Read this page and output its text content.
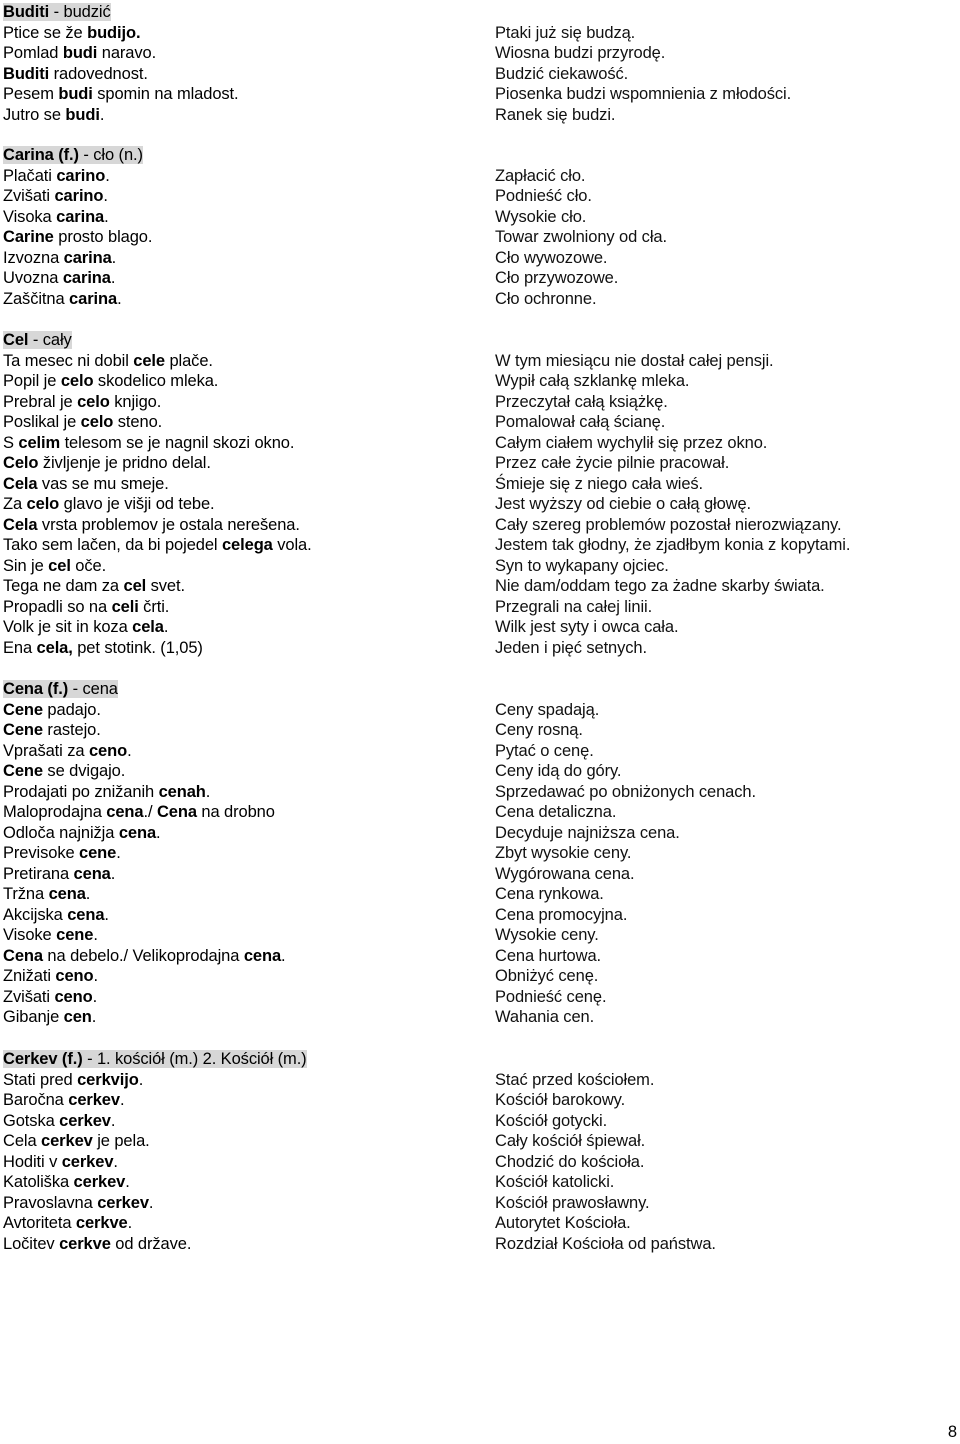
Buditi - budzić
Ptice se že budijo.	Ptaki już się budzą.
Pomlad budi naravo.	Wiosna budzi przyrodę.
Buditi radovednost.	Budzić ciekawość.
Pesem budi spomin na mladost.	Piosenka budzi wspomnienia z młodości.
Jutro se budi.	Ranek się budzi.
Carina (f.) - cło (n.)
Plačati carino.	Zapłacić cło.
Zvišati carino.	Podnieść cło.
Visoka carina.	Wysokie cło.
Carine prosto blago.	Towar zwolniony od cła.
Izvozna carina.	Cło wywozowe.
Uvozna carina.	Cło przywozowe.
Zaščitna carina.	Cło ochronne.
Cel - cały
Ta mesec ni dobil cele plače.	W tym miesiącu nie dostał całej pensji.
Popil je celo skodelico mleka.	Wypił całą szklankę mleka.
Prebral je celo knjigo.	Przeczytał całą książkę.
Poslikal je celo steno.	Pomalował całą ścianę.
S celim telesom se je nagnil skozi okno.	Całym ciałem wychylił się przez okno.
Celo življenje je pridno delal.	Przez całe życie pilnie pracował.
Cela vas se mu smeje.	Śmieje się z niego cała wieś.
Za celo glavo je višji od tebe.	Jest wyższy od ciebie o całą głowę.
Cela vrsta problemov je ostala nerešena.	Cały szereg problemów pozostał nierozwiązany.
Tako sem lačen, da bi pojedel celega vola.	Jestem tak głodny, że zjadłbym konia z kopytami.
Sin je cel oče.	Syn to wykapany ojciec.
Tega ne dam za cel svet.	Nie dam/oddam tego za żadne skarby świata.
Propadli so na celi črti.	Przegrali na całej linii.
Volk je sit in koza cela.	Wilk jest syty i owca cała.
Ena cela, pet stotink. (1,05)	Jeden i pięć setnych.
Cena (f.) - cena
Cene padajo.	Ceny spadają.
Cene rastejo.	Ceny rosną.
Vprašati za ceno.	Pytać o cenę.
Cene se dvigajo.	Ceny idą do góry.
Prodajati po znižanih cenah.	Sprzedawać po obniżonych cenach.
Maloprodajna cena./ Cena na drobno	Cena detaliczna.
Odloča najnižja cena.	Decyduje najniższa cena.
Previsoke cene.	Zbyt wysokie ceny.
Pretirana cena.	Wygórowana cena.
Tržna cena.	Cena rynkowa.
Akcijska cena.	Cena promocyjna.
Visoke cene.	Wysokie ceny.
Cena na debelo./ Velikoprodajna cena.	Cena hurtowa.
Znižati ceno.	Obniżyć cenę.
Zvišati ceno.	Podnieść cenę.
Gibanje cen.	Wahania cen.
Cerkev (f.) - 1. kościół (m.) 2. Kościół (m.)
Stati pred cerkvijo.	Stać przed kościołem.
Baročna cerkev.	Kościół barokowy.
Gotska cerkev.	Kościół gotycki.
Cela cerkev je pela.	Cały kościół śpiewał.
Hoditi v cerkev.	Chodzić do kościoła.
Katoliška cerkev.	Kościół katolicki.
Pravoslavna cerkev.	Kościół prawosławny.
Avtoriteta cerkve.	Autorytet Kościoła.
Ločitev cerkve od države.	Rozdział Kościoła od państwa.
8
